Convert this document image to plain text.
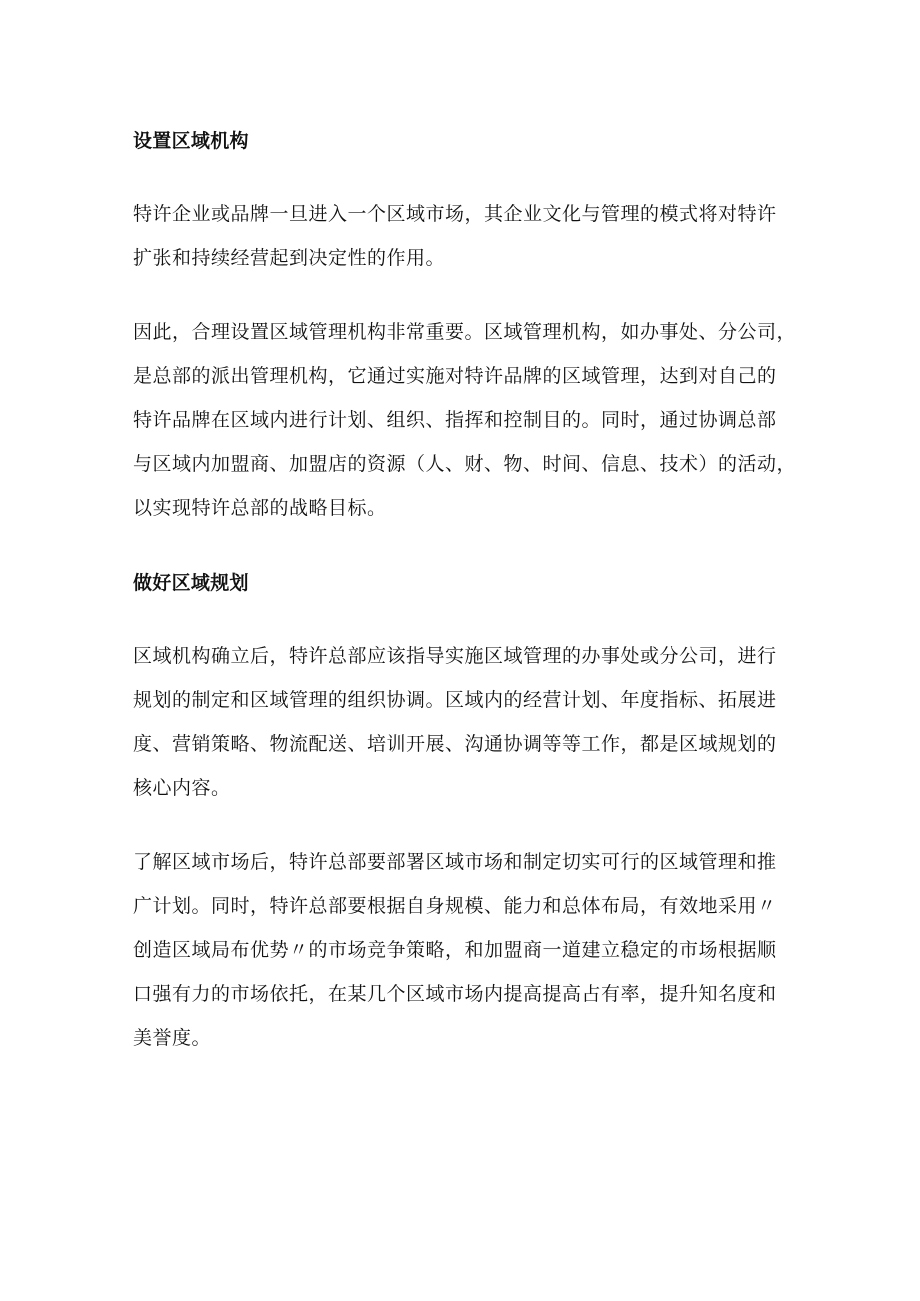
设置区域机构

特许企业或品牌一旦进入一个区域市场，其企业文化与管理的模式将对特许
扩张和持续经营起到决定性的作用。

因此，合理设置区域管理机构非常重要。区域管理机构，如办事处、分公司，
是总部的派出管理机构，它通过实施对特许品牌的区域管理，达到对自己的
特许品牌在区域内进行计划、组织、指挥和控制目的。同时，通过协调总部
与区域内加盟商、加盟店的资源（人、财、物、时间、信息、技术）的活动，
以实现特许总部的战略目标。

做好区域规划

区域机构确立后，特许总部应该指导实施区域管理的办事处或分公司，进行
规划的制定和区域管理的组织协调。区域内的经营计划、年度指标、拓展进
度、营销策略、物流配送、培训开展、沟通协调等等工作，都是区域规划的
核心内容。

了解区域市场后，特许总部要部署区域市场和制定切实可行的区域管理和推
广计划。同时，特许总部要根据自身规模、能力和总体布局，有效地采用〃
创造区域局布优势〃的市场竞争策略，和加盟商一道建立稳定的市场根据顺
口强有力的市场依托，在某几个区域市场内提高提高占有率，提升知名度和
美誉度。
